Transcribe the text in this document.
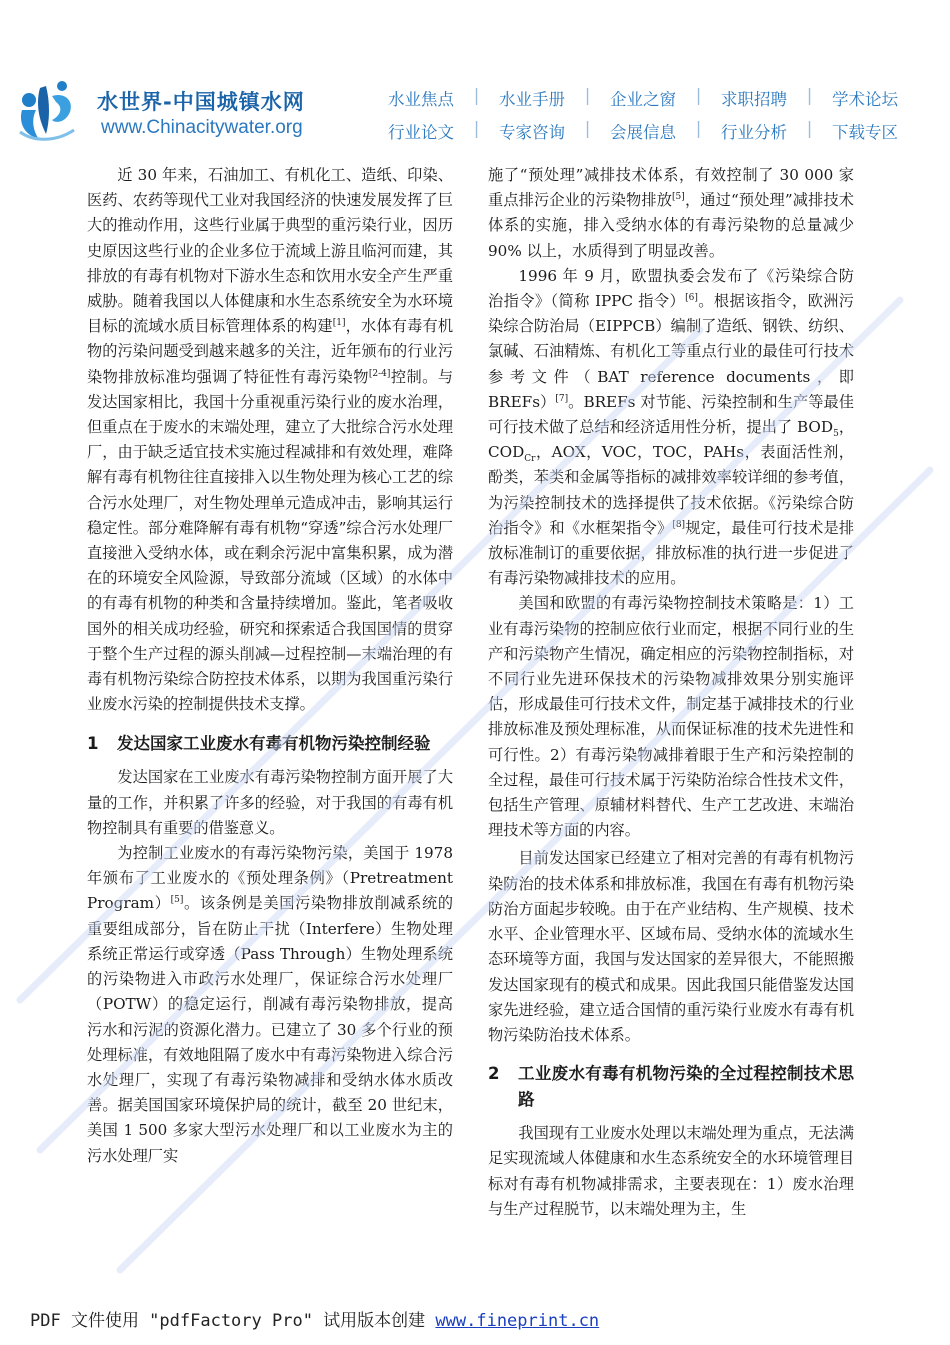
水世界-中国城镇水网
www.Chinacitywater.org
水业焦点 | 水业手册 | 企业之窗 | 求职招聘 | 学术论坛
行业论文 | 专家咨询 | 会展信息 | 行业分析 | 下载专区

近 30 年来，石油加工、有机化工、造纸、印染、医药、农药等现代工业对我国经济的快速发展发挥了巨大的推动作用，这些行业属于典型的重污染行业，因历史原因这些行业的企业多位于流域上游且临河而建，其排放的有毒有机物对下游水生态和饮用水安全产生严重威胁。随着我国以人体健康和水生态系统安全为水环境目标的流域水质目标管理体系的构建[1]，水体有毒有机物的污染问题受到越来越多的关注，近年颁布的行业污染物排放标准均强调了特征性有毒污染物[2-4]控制。与发达国家相比，我国十分重视重污染行业的废水治理，但重点在于废水的末端处理，建立了大批综合污水处理厂，由于缺乏适宜技术实施过程减排和有效处理，难降解有毒有机物往往直接排入以生物处理为核心工艺的综合污水处理厂，对生物处理单元造成冲击，影响其运行稳定性。部分难降解有毒有机物“穿透”综合污水处理厂直接泄入受纳水体，或在剩余污泥中富集积累，成为潜在的环境安全风险源，导致部分流域（区域）的水体中的有毒有机物的种类和含量持续增加。鉴此，笔者吸收国外的相关成功经验，研究和探索适合我国国情的贯穿于整个生产过程的源头削减—过程控制—末端治理的有毒有机物污染综合防控技术体系，以期为我国重污染行业废水污染的控制提供技术支撑。

1	发达国家工业废水有毒有机物污染控制经验

发达国家在工业废水有毒污染物控制方面开展了大量的工作，并积累了许多的经验，对于我国的有毒有机物控制具有重要的借鉴意义。

为控制工业废水的有毒污染物污染，美国于 1978 年颁布了工业废水的《预处理条例》（Pretreatment Program）[5]。该条例是美国污染物排放削减系统的重要组成部分，旨在防止干扰（Interfere）生物处理系统正常运行或穿透（Pass Through）生物处理系统的污染物进入市政污水处理厂，保证综合污水处理厂（POTW）的稳定运行，削减有毒污染物排放，提高污水和污泥的资源化潜力。已建立了 30 多个行业的预处理标准，有效地阻隔了废水中有毒污染物进入综合污水处理厂，实现了有毒污染物减排和受纳水体水质改善。据美国国家环境保护局的统计，截至 20 世纪末，美国 1 500 多家大型污水处理厂和以工业废水为主的污水处理厂实

施了“预处理”减排技术体系，有效控制了 30 000 家重点排污企业的污染物排放[5]，通过“预处理”减排技术体系的实施，排入受纳水体的有毒污染物的总量减少 90% 以上，水质得到了明显改善。

1996 年 9 月，欧盟执委会发布了《污染综合防治指令》（简称 IPPC 指令）[6]。根据该指令，欧洲污染综合防治局（EIPPCB）编制了造纸、钢铁、纺织、氯碱、石油精炼、有机化工等重点行业的最佳可行技术参考文件（BAT reference documents，即 BREFs）[7]。BREFs 对节能、污染控制和生产等最佳可行技术做了总结和经济适用性分析，提出了 $BOD_5$，$COD_{Cr}$，AOX，VOC，TOC，PAHs，表面活性剂，酚类，苯类和金属等指标的减排效率较详细的参考值，为污染控制技术的选择提供了技术依据。《污染综合防治指令》和《水框架指令》[8]规定，最佳可行技术是排放标准制订的重要依据，排放标准的执行进一步促进了有毒污染物减排技术的应用。

美国和欧盟的有毒污染物控制技术策略是：1）工业有毒污染物的控制应依行业而定，根据不同行业的生产和污染物产生情况，确定相应的污染物控制指标，对不同行业先进环保技术的污染物减排效果分别实施评估，形成最佳可行技术文件，制定基于减排技术的行业排放标准及预处理标准，从而保证标准的技术先进性和可行性。2）有毒污染物减排着眼于生产和污染控制的全过程，最佳可行技术属于污染防治综合性技术文件，包括生产管理、原辅材料替代、生产工艺改进、末端治理技术等方面的内容。

目前发达国家已经建立了相对完善的有毒有机物污染防治的技术体系和排放标准，我国在有毒有机物污染防治方面起步较晚。由于在产业结构、生产规模、技术水平、企业管理水平、区域布局、受纳水体的流域水生态环境等方面，我国与发达国家的差异很大，不能照搬发达国家现有的模式和成果。因此我国只能借鉴发达国家先进经验，建立适合国情的重污染行业废水有毒有机物污染防治技术体系。

2	工业废水有毒有机物污染的全过程控制技术思路

我国现有工业废水处理以末端处理为重点，无法满足实现流域人体健康和水生态系统安全的水环境管理目标对有毒有机物减排需求，主要表现在：1）废水治理与生产过程脱节，以末端处理为主，生

PDF 文件使用 "pdfFactory Pro" 试用版本创建 www.fineprint.cn
